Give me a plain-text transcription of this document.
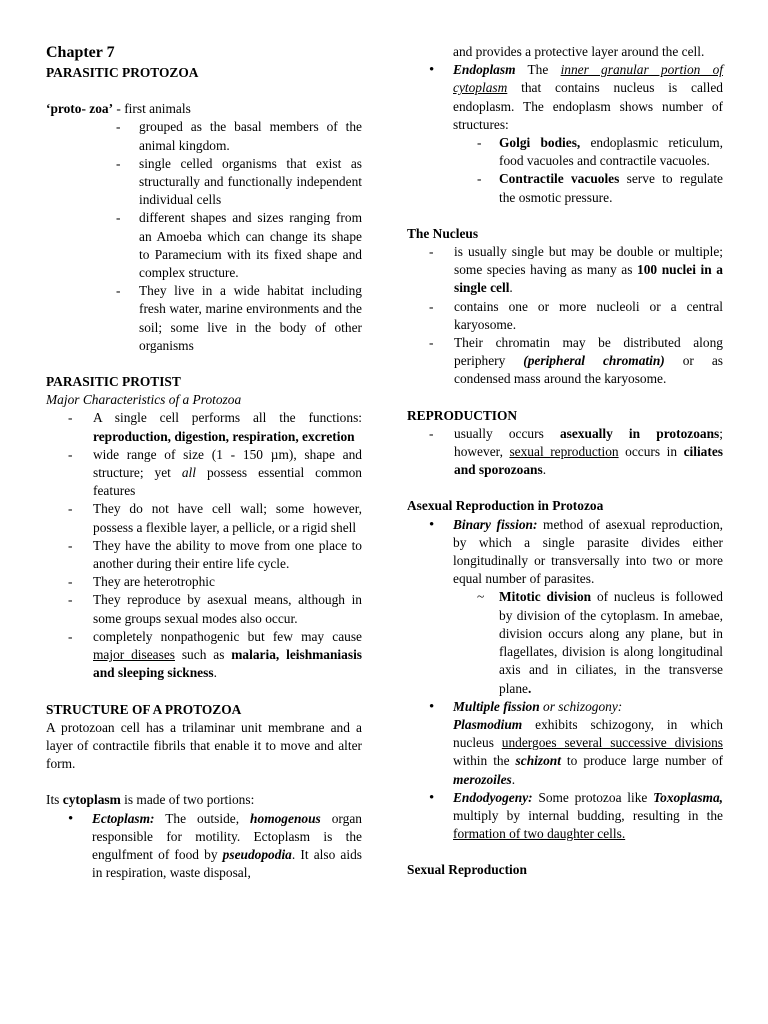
Chapter 7

PARASITIC PROTOZOA

‘proto- zoa’ - first animals

- grouped as the basal members of the animal kingdom.
- single celled organisms that exist as structurally and functionally independent individual cells
- different shapes and sizes ranging from an Amoeba which can change its shape to Paramecium with its fixed shape and complex structure.
- They live in a wide habitat including fresh water, marine environments and the soil; some live in the body of other organisms

PARASITIC PROTIST

Major Characteristics of a Protozoa

- A single cell performs all the functions: reproduction, digestion, respiration, excretion
- wide range of size (1 - 150 µm), shape and structure; yet all possess essential common features
- They do not have cell wall; some however, possess a flexible layer, a pellicle, or a rigid shell
- They have the ability to move from one place to another during their entire life cycle.
- They are heterotrophic
- They reproduce by asexual means, although in some groups sexual modes also occur.
- completely nonpathogenic but few may cause major diseases such as malaria, leishmaniasis and sleeping sickness.

STRUCTURE OF A PROTOZOA

A protozoan cell has a trilaminar unit membrane and a layer of contractile fibrils that enable it to move and alter form.

Its cytoplasm is made of two portions:

• Ectoplasm: The outside, homogenous organ responsible for motility. Ectoplasm is the engulfment of food by pseudopodia. It also aids in respiration, waste disposal,
and provides a protective layer around the cell.
• Endoplasm The inner granular portion of cytoplasm that contains nucleus is called endoplasm. The endoplasm shows number of structures:
- Golgi bodies, endoplasmic reticulum, food vacuoles and contractile vacuoles.
- Contractile vacuoles serve to regulate the osmotic pressure.

The Nucleus

- is usually single but may be double or multiple; some species having as many as 100 nuclei in a single cell.
- contains one or more nucleoli or a central karyosome.
- Their chromatin may be distributed along periphery (peripheral chromatin) or as condensed mass around the karyosome.

REPRODUCTION

- usually occurs asexually in protozoans; however, sexual reproduction occurs in ciliates and sporozoans.

Asexual Reproduction in Protozoa

• Binary fission: method of asexual reproduction, by which a single parasite divides either longitudinally or transversally into two or more equal number of parasites.
~ Mitotic division of nucleus is followed by division of the cytoplasm. In amebae, division occurs along any plane, but in flagellates, division is along longitudinal axis and in ciliates, in the transverse plane.
• Multiple fission or schizogony:
Plasmodium exhibits schizogony, in which nucleus undergoes several successive divisions within the schizont to produce large number of merozoiles.
• Endodyogeny: Some protozoa like Toxoplasma, multiply by internal budding, resulting in the formation of two daughter cells.

Sexual Reproduction
